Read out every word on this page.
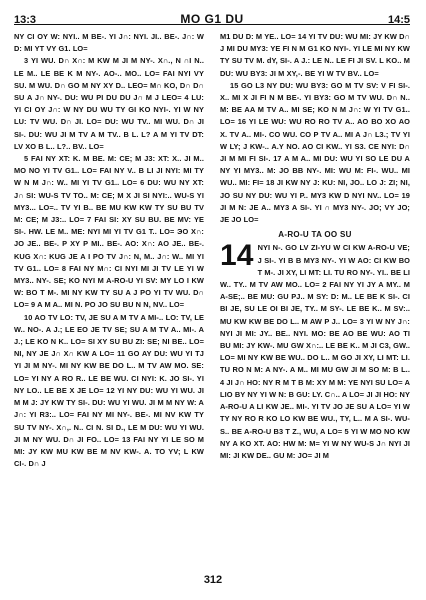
13:3	MO G1 DU	14:5

NY CI OY W: NYI.. M BE-. YI J∩: NYI. JI.. BE-. J∩: W D: MI YT VY G1. LO=

3 YI WU. D∩ X∩: M KW M JI M NY-. X∩., N ∩I N.. LE M.. LE BE K M NY-. AO-.. MO.. LO= FAI NYI VY SU. M WU. D∩ GO M NY XY D.. LEO= M∩ KO, D∩ D∩ SU A J∩ NY-. DU: WU PI DU DU J∩ M J LEO= 4 LU: YI CI OY J∩: W NY DU WU TY GI KO NYI-. YI W NY LU: TV WU. D∩ JI. LO= DU: WU TV.. MI WU. D∩ JI SI-. DU: WU JI M TV A M TV.. B L. L? A M YI TV DT: LV XO B L.. L?.. BV.. LO=

5 FAI NY XT: K. M BE. M: CE; M J3: XT: X.. JI M.. MO NO YI TV G1.. LO= FAI NY V.. B LI JI NYI: MI TY W N M J∩: W.. MI YI TV G1.. LO= 6 DU: WU NY XT: J∩ SI: WU-S TV TO.. M: CE; M X JI SI NYI:.. WU-S YI MY3... LO=.. TV YI B.. BE MU KW KW TY SU BU TV M: CE; M J3:.. LO= 7 FAI SI: XY SU BU. BE MV: YE SI-. HW. LE M.. ME: NYI MI YI TV G1 T.. LO= ЭO X∩: JO JE.. BE-. P XY P MI.. BE-. AO: X∩: AO JE.. BE-. KUG X∩: KUG JE A I PO TV J∩: N, M.. J∩: W.. MI YI TV G1.. LO= 8 FAI NY M∩: CI NYI MI JI TV LE YI W MY3.. NY-. SE; KO NYI M A-RO-U YI SV: MY LO I KW W: BO T M-. MI NY KW TY SU A J PO YI TV WU. D∩ LO= 9 A M A.. MI N. PO JO SU BU N N, NV.. LO=

10 AO TV LO: TV, JE SU A M TV A MI-.. LO: TV, LE W.. NO-. A J.; LE EO JE TV SE; SU A M TV A.. MI-. A J.; LE KO N K.. LO= SI XY SU BU ZI: SE; NI BE.. LO= NI, NY JE J∩ X∩ KW A LO= 11 GO AY DU: WU YI TJ YI JI M NY-. MI NY KW BE DO L.. M TV AW MO. SE: LO= YI NY A RO R.. LE BE WU. CI NYI: K. JO SI-. YI NY LO.. LE BE X JE LO= 12 YI NY DU: WU YI WU. JI M M J: JY KW TY SI-. DU: WU YI WU. JI M M NY W: A J∩: YI R3:.. LO= FAI NY MI NY-. BE-. MI NV KW TY SU TV NY-. X∩,. N.. CI N. SI D., LE M DU: WU YI WU. JI M NY WU. D∩ JI FO.. LO= 13 FAI NY YI LE SO M MI: JY KW MU KW BE M NV KW-. A. TO YV; L KW CI-. D∩ J

M1 DU D: M YE.. LO= 14 YI TV DU: WU MI: JY KW D∩ J MI DU MY3: YE FI N M G1 KO NYI-. YI LE MI NY KW TY SU TV M. dY, SI-. A J.: LE N.. LE FI JI SV. L KO.. M DU: WU BY3: JI M XY,-. BE YI W TV BV.. LO=

15 GO L3 NY DU: WU BY3: GO M TV SV: V FI SI-. X.. MI X JI FI N M BE-. YI BY3: GO M TV WU. D∩ N.. M: BE AA M TV A.. MI SE; KO N M J∩: W YI TV G1.. LO= 16 YI LE WU: WU RO RO TV A.. AO BO XO AO X. TV A.. MI-. CO WU. CO P TV A.. MI A J∩ L3.; TV YI W LY; J KW-.. A.Y NO. AO CI KW.. YI S3. CE NYI: D∩ JI M MI FI SI-. 17 A M A.. MI DU: WU YI SO LE DU A NY YI MY3.. M: JO BB NY-. MI: WU M: FI-. WU.. MI WU.. MI: FI= 18 JI KW NY J: KU: NI, JO.. LO J: ZI; NI, JO SU NY DU: WU YI P.. MY3 KW D NYI NV.. LO= 19 JI M N: JE A.. MY3 A SI-. YI ∩ MY3 NY-. JO; VY JO; JE JO LO=

A-RO-U TA OO SU
14 NYI N-. GO LV ZI-YU W CI KW A-RO-U VE; J SI-. YI B B MY3 NY-. YI W AO: CI KW BO T M-. JI XY, LI MT: LI. TU RO NY-. YI.. BE LI W.. TY.. M TV AW MO.. LO= 2 FAI NY YI JY A MY.. M A-SE;.. BE MU: GU PJ.. M SY: D: M.. LE BE K SI-. CI BI JE, SU LE OI BI JE, TY.. M SY-. LE BE K.. M SV:.. MU KW KW BE DO L.. M AW P J.. LO= 3 YI W NY J∩: NYI JI MI: JY.. BE.. NYI. MO: BE AO BE WU: AO TI BU MI: JY KW-. MU GW X∩:.. LE BE K.. M JI C3, GW.. LO= MI NY KW BE WU.. DO L.. M GO JI XY, LI MT: LI. TU RO N M: A NY-. A M.. MI MU GW JI M SO M: B L.. 4 JI J∩ HO: NY R M T B M: XY M M: YE NYI SU LO= A LIO BY NY YI W N: B GU: LY. C∩.. A LO= JI JI HO: NY A-RO-U A LI KW JE.. MI-. YI TV JO JE SU A LO= YI W TY NY RO R KO LO KW BE WU., TY, L.. M A SI-. WU-S.. BE A-RO-U B3 T Z., WU, A LO= 5 YI W MO NO KW NY A KO XT. AO: HW M: M= YI W NY WU-S J∩ NYI JI MI: JI KW DE.. GU M: JO= JI M

312
